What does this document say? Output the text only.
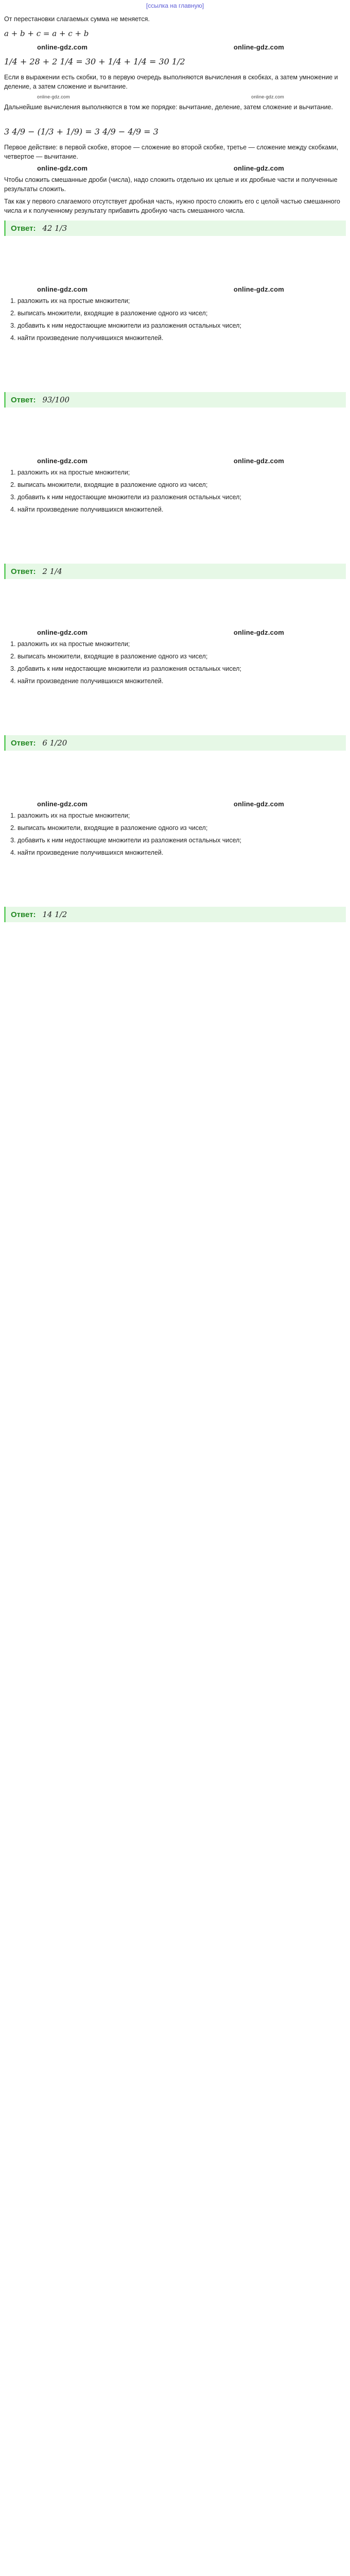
[ссылка на главную]
От перестановки слагаемых сумма не меняется.
a + b + c = a + c + b
online-gdz.com	online-gdz.com
1/4 + 28 + 2 1/4 = 30 + 1/4 + 1/4 = 30 1/2
Если в выражении есть скобки, то в первую очередь выполняются вычисления в скобках, а затем умножение и деление, а затем сложение и вычитание.
online-gdz.com	online-gdz.com
Дальнейшие вычисления выполняются в том же порядке: вычитание, деление, затем сложение и вычитание.
3 4/9 − (1/3 + 1/9) = 3 4/9 − 4/9 = 3
Первое действие: в первой скобке, второе — сложение во второй скобке, третье — сложение между скобками, четвертое — вычитание.
online-gdz.com	online-gdz.com
Чтобы сложить смешанные дроби (числа), надо сложить отдельно их целые и их дробные части и полученные результаты сложить.
Так как у первого слагаемого отсутствует дробная часть, нужно просто сложить его с целой частью смешанного числа и к полученному результату прибавить дробную часть смешанного числа.
Ответ: 42 1/3
online-gdz.com	online-gdz.com
1. разложить их на простые множители;
2. выписать множители, входящие в разложение одного из чисел;
3. добавить к ним недостающие множители из разложения остальных чисел;
4. найти произведение получившихся множителей.
Ответ: 93/100
online-gdz.com	online-gdz.com
1. разложить их на простые множители;
2. выписать множители, входящие в разложение одного из чисел;
3. добавить к ним недостающие множители из разложения остальных чисел;
4. найти произведение получившихся множителей.
Ответ: 2 1/4
online-gdz.com	online-gdz.com
1. разложить их на простые множители;
2. выписать множители, входящие в разложение одного из чисел;
3. добавить к ним недостающие множители из разложения остальных чисел;
4. найти произведение получившихся множителей.
Ответ: 6 1/20
online-gdz.com	online-gdz.com
1. разложить их на простые множители;
2. выписать множители, входящие в разложение одного из чисел;
3. добавить к ним недостающие множители из разложения остальных чисел;
4. найти произведение получившихся множителей.
Ответ: 14 1/2
